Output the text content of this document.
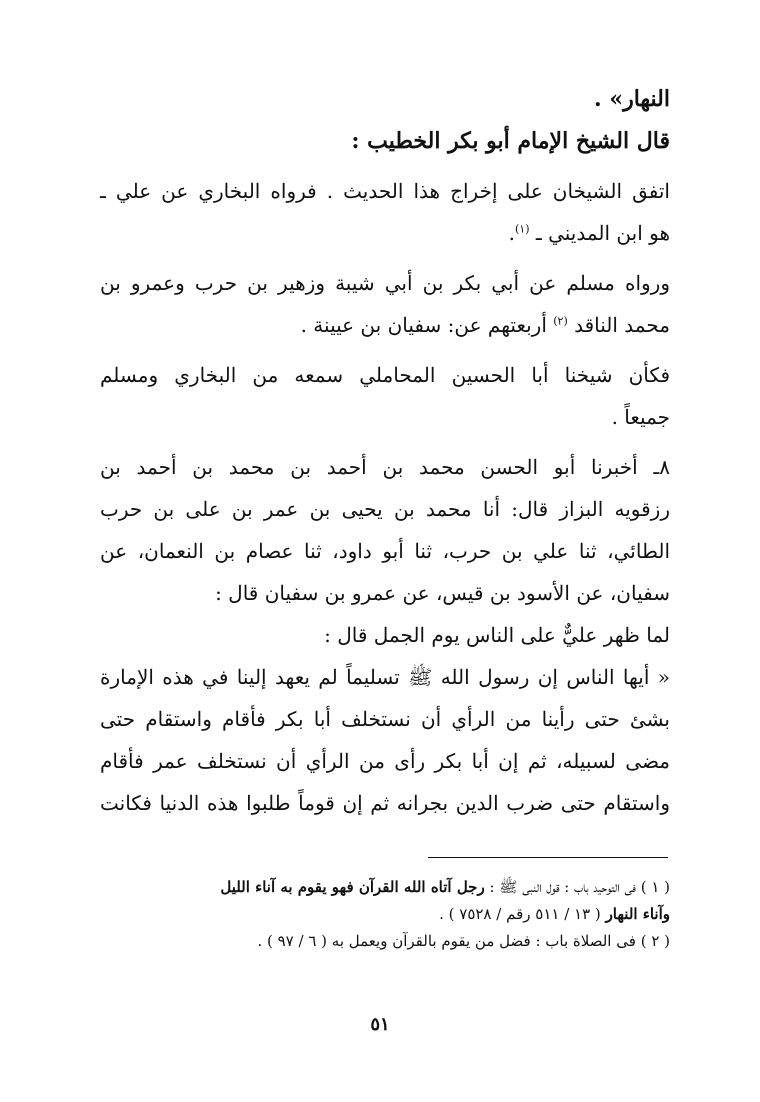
النهار» .
قال الشيخ الإمام أبو بكر الخطيب :
اتفق الشيخان على إخراج هذا الحديث . فرواه البخاري عن علي ـ
هو ابن المديني ـ $^{(١)}$.
ورواه مسلم عن أبي بكر بن أبي شيبة وزهير بن حرب وعمرو بن
محمد الناقد $^{(٢)}$ أربعتهم عن: سفيان بن عيينة .
فكأن شيخنا أبا الحسين المحاملي سمعه من البخاري ومسلم
جميعاً .
٨ـ أخبرنا أبو الحسن محمد بن أحمد بن محمد بن أحمد بن
رزقويه البزاز قال: أنا محمد بن يحيى بن عمر بن على بن حرب
الطائي، ثنا علي بن حرب، ثنا أبو داود، ثنا عصام بن النعمان، عن
سفيان، عن الأسود بن قيس، عن عمرو بن سفيان قال :
لما ظهر عليٌّ على الناس يوم الجمل قال :
« أيها الناس إن رسول الله ﷺ تسليماً لم يعهد إلينا في هذه الإمارة
بشئ حتى رأينا من الرأي أن نستخلف أبا بكر فأقام واستقام حتى
مضى لسبيله، ثم إن أبا بكر رأى من الرأي أن نستخلف عمر فأقام
واستقام حتى ضرب الدين بجرانه ثم إن قوماً طلبوا هذه الدنيا فكانت
( ١ ) فى التوحيد باب : قول النبى ﷺ : رجل آتاه الله القرآن فهو يقوم به آناء الليل
وآناء النهار ( ١٣ / ٥١١ رقم / ٧٥٢٨ ) .
( ٢ ) فى الصلاة باب : فضل من يقوم بالقرآن ويعمل به ( ٦ / ٩٧ ) .
٥١
